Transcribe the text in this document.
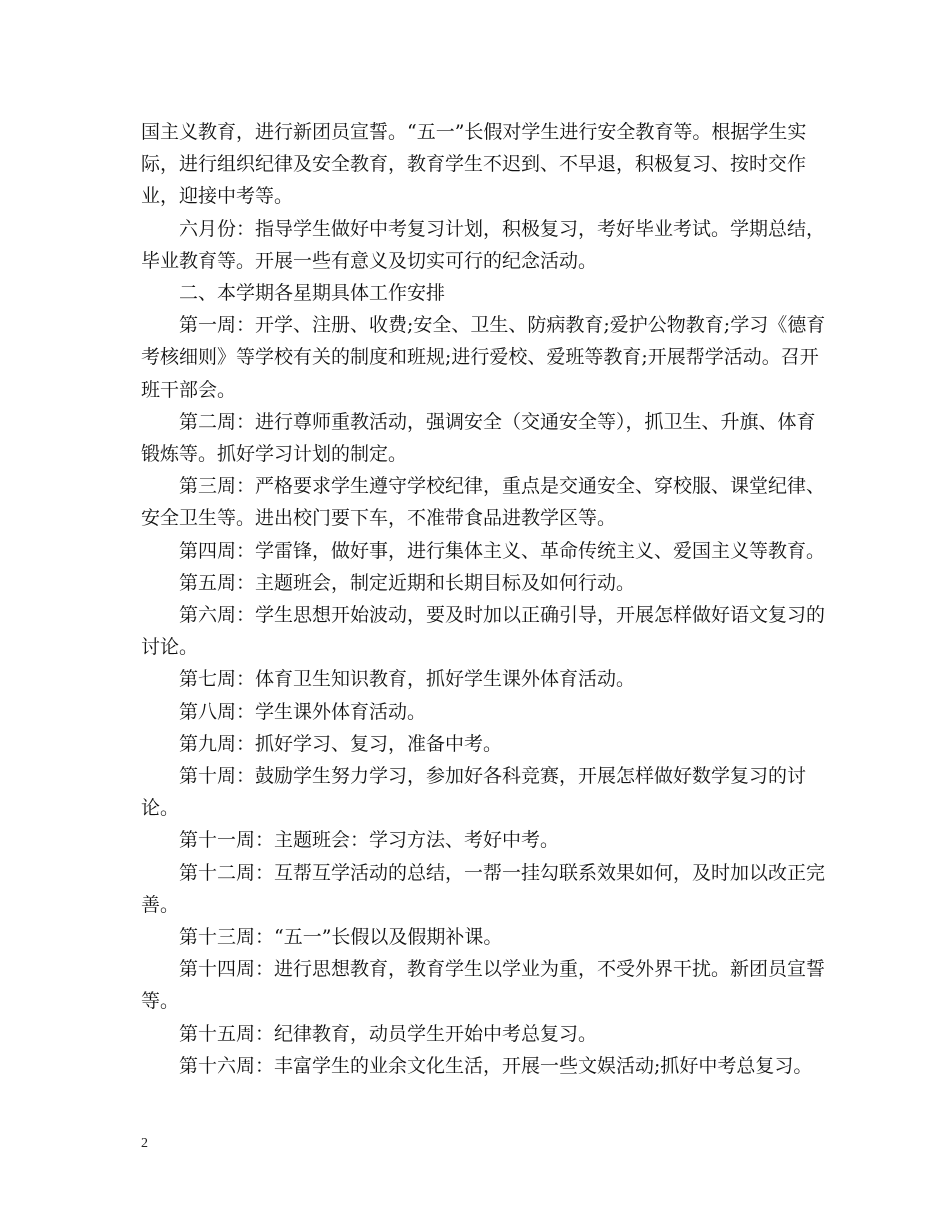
国主义教育，进行新团员宣誓。“五一”长假对学生进行安全教育等。根据学生实际，进行组织纪律及安全教育，教育学生不迟到、不早退，积极复习、按时交作业，迎接中考等。

六月份：指导学生做好中考复习计划，积极复习，考好毕业考试。学期总结，毕业教育等。开展一些有意义及切实可行的纪念活动。

二、本学期各星期具体工作安排

第一周：开学、注册、收费;安全、卫生、防病教育;爱护公物教育;学习《德育考核细则》等学校有关的制度和班规;进行爱校、爱班等教育;开展帮学活动。召开班干部会。

第二周：进行尊师重教活动，强调安全（交通安全等），抓卫生、升旗、体育锻炼等。抓好学习计划的制定。

第三周：严格要求学生遵守学校纪律，重点是交通安全、穿校服、课堂纪律、安全卫生等。进出校门要下车，不准带食品进教学区等。

第四周：学雷锋，做好事，进行集体主义、革命传统主义、爱国主义等教育。

第五周：主题班会，制定近期和长期目标及如何行动。

第六周：学生思想开始波动，要及时加以正确引导，开展怎样做好语文复习的讨论。

第七周：体育卫生知识教育，抓好学生课外体育活动。

第八周：学生课外体育活动。

第九周：抓好学习、复习，准备中考。

第十周：鼓励学生努力学习，参加好各科竞赛，开展怎样做好数学复习的讨论。

第十一周：主题班会：学习方法、考好中考。

第十二周：互帮互学活动的总结，一帮一挂勾联系效果如何，及时加以改正完善。

第十三周：“五一”长假以及假期补课。

第十四周：进行思想教育，教育学生以学业为重，不受外界干扰。新团员宣誓等。

第十五周：纪律教育，动员学生开始中考总复习。

第十六周：丰富学生的业余文化生活，开展一些文娱活动;抓好中考总复习。

2
